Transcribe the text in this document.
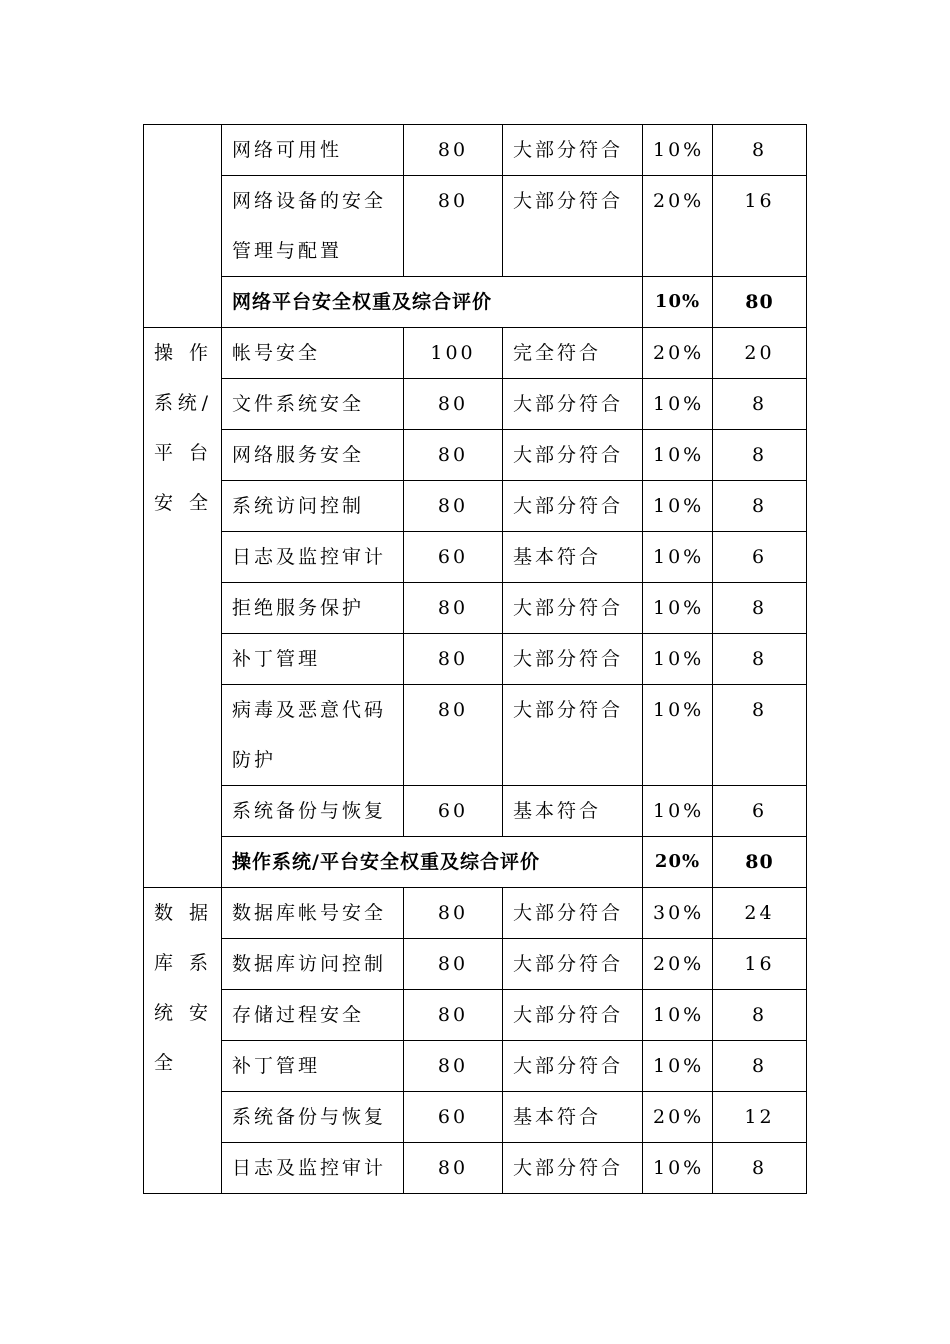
	网络可用性	80	大部分符合	10%	8
	网络设备的安全管理与配置	80	大部分符合	20%	16
	网络平台安全权重及综合评价			10%	80

操 作
系统/
平 台
安全	帐号安全	100	完全符合	20%	20
	文件系统安全	80	大部分符合	10%	8
	网络服务安全	80	大部分符合	10%	8
	系统访问控制	80	大部分符合	10%	8
	日志及监控审计	60	基本符合	10%	6
	拒绝服务保护	80	大部分符合	10%	8
	补丁管理	80	大部分符合	10%	8
	病毒及恶意代码防护	80	大部分符合	10%	8
	系统备份与恢复	60	基本符合	10%	6
	操作系统/平台安全权重及综合评价			20%	80

数 据
库 系
统 安
全	数据库帐号安全	80	大部分符合	30%	24
	数据库访问控制	80	大部分符合	20%	16
	存储过程安全	80	大部分符合	10%	8
	补丁管理	80	大部分符合	10%	8
	系统备份与恢复	60	基本符合	20%	12
	日志及监控审计	80	大部分符合	10%	8
